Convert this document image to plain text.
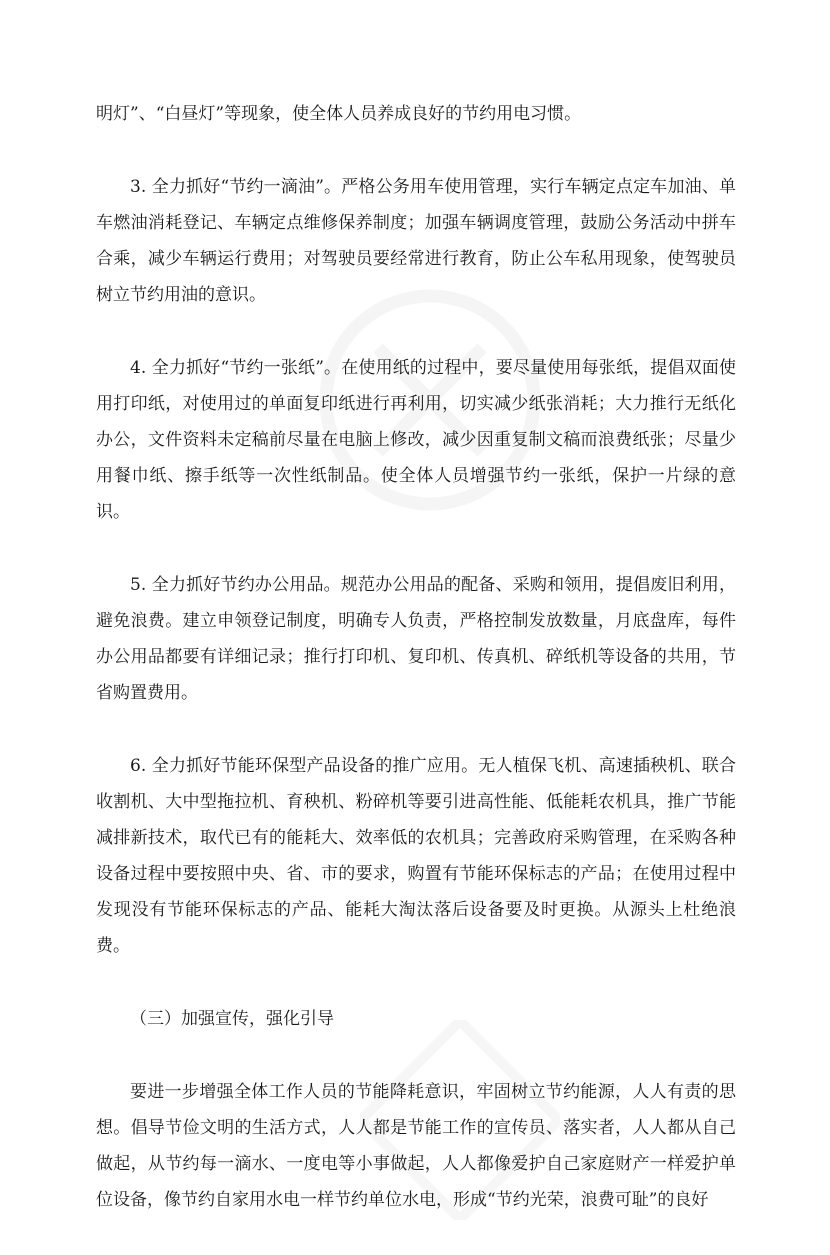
明灯”、“白昼灯”等现象，使全体人员养成良好的节约用电习惯。

3. 全力抓好“节约一滴油”。严格公务用车使用管理，实行车辆定点定车加油、单车燃油消耗登记、车辆定点维修保养制度；加强车辆调度管理，鼓励公务活动中拼车合乘，减少车辆运行费用；对驾驶员要经常进行教育，防止公车私用现象，使驾驶员树立节约用油的意识。

4. 全力抓好“节约一张纸”。在使用纸的过程中，要尽量使用每张纸，提倡双面使用打印纸，对使用过的单面复印纸进行再利用，切实减少纸张消耗；大力推行无纸化办公，文件资料未定稿前尽量在电脑上修改，减少因重复制文稿而浪费纸张；尽量少用餐巾纸、擦手纸等一次性纸制品。使全体人员增强节约一张纸，保护一片绿的意识。

5. 全力抓好节约办公用品。规范办公用品的配备、采购和领用，提倡废旧利用，避免浪费。建立申领登记制度，明确专人负责，严格控制发放数量，月底盘库，每件办公用品都要有详细记录；推行打印机、复印机、传真机、碎纸机等设备的共用，节省购置费用。

6. 全力抓好节能环保型产品设备的推广应用。无人植保飞机、高速插秧机、联合收割机、大中型拖拉机、育秧机、粉碎机等要引进高性能、低能耗农机具，推广节能减排新技术，取代已有的能耗大、效率低的农机具；完善政府采购管理，在采购各种设备过程中要按照中央、省、市的要求，购置有节能环保标志的产品；在使用过程中发现没有节能环保标志的产品、能耗大淘汰落后设备要及时更换。从源头上杜绝浪费。

（三）加强宣传，强化引导

要进一步增强全体工作人员的节能降耗意识，牢固树立节约能源，人人有责的思想。倡导节俭文明的生活方式，人人都是节能工作的宣传员、落实者，人人都从自己做起，从节约每一滴水、一度电等小事做起，人人都像爱护自己家庭财产一样爱护单位设备，像节约自家用水电一样节约单位水电，形成“节约光荣，浪费可耻”的良好
